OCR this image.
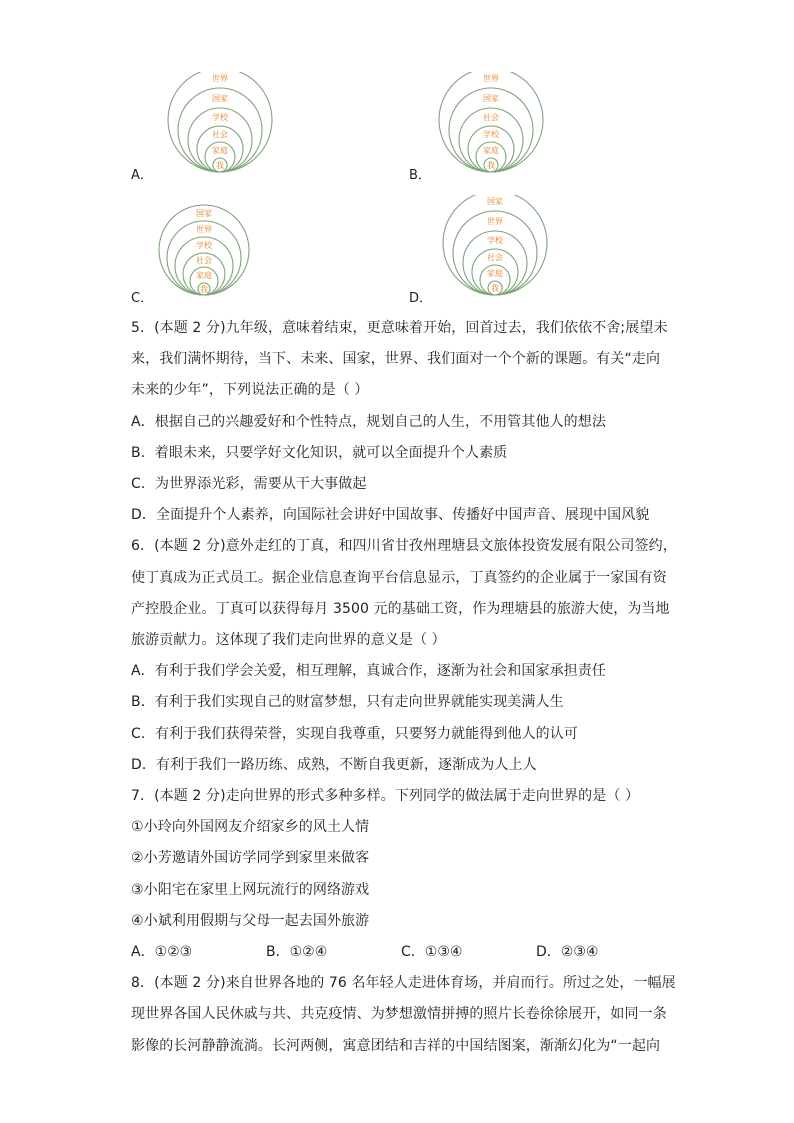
A．
世界
国家
学校
社会
家庭
我
B．
世界
国家
社会
学校
家庭
我
C．
国家
世界
学校
社会
家庭
我
D．
国家
世界
学校
社会
家庭
我
5．(本题 2 分)九年级，意味着结束，更意味着开始，回首过去，我们依依不舍;展望未
来，我们满怀期待，当下、未来、国家，世界、我们面对一个个新的课题。有关“走向
未来的少年”，下列说法正确的是（ ）
A．根据自己的兴趣爱好和个性特点，规划自己的人生，不用管其他人的想法
B．着眼未来，只要学好文化知识，就可以全面提升个人素质
C．为世界添光彩，需要从干大事做起
D．全面提升个人素养，向国际社会讲好中国故事、传播好中国声音、展现中国风貌
6．(本题 2 分)意外走红的丁真，和四川省甘孜州理塘县文旅体投资发展有限公司签约，
使丁真成为正式员工。据企业信息查询平台信息显示，丁真签约的企业属于一家国有资
产控股企业。丁真可以获得每月 3500 元的基础工资，作为理塘县的旅游大使，为当地
旅游贡献力。这体现了我们走向世界的意义是（ ）
A．有利于我们学会关爱，相互理解，真诚合作，逐渐为社会和国家承担责任
B．有利于我们实现自己的财富梦想，只有走向世界就能实现美满人生
C．有利于我们获得荣誉，实现自我尊重，只要努力就能得到他人的认可
D．有利于我们一路历练、成熟，不断自我更新，逐渐成为人上人
7．(本题 2 分)走向世界的形式多种多样。下列同学的做法属于走向世界的是（ ）
①小玲向外国网友介绍家乡的风土人情
②小芳邀请外国访学同学到家里来做客
③小阳宅在家里上网玩流行的网络游戏
④小斌利用假期与父母一起去国外旅游
A．①②③	B．①②④	C．①③④	D．②③④
8．(本题 2 分)来自世界各地的 76 名年轻人走进体育场，并肩而行。所过之处，一幅展
现世界各国人民休戚与共、共克疫情、为梦想激情拼搏的照片长卷徐徐展开，如同一条
影像的长河静静流淌。长河两侧，寓意团结和吉祥的中国结图案，渐渐幻化为“一起向
